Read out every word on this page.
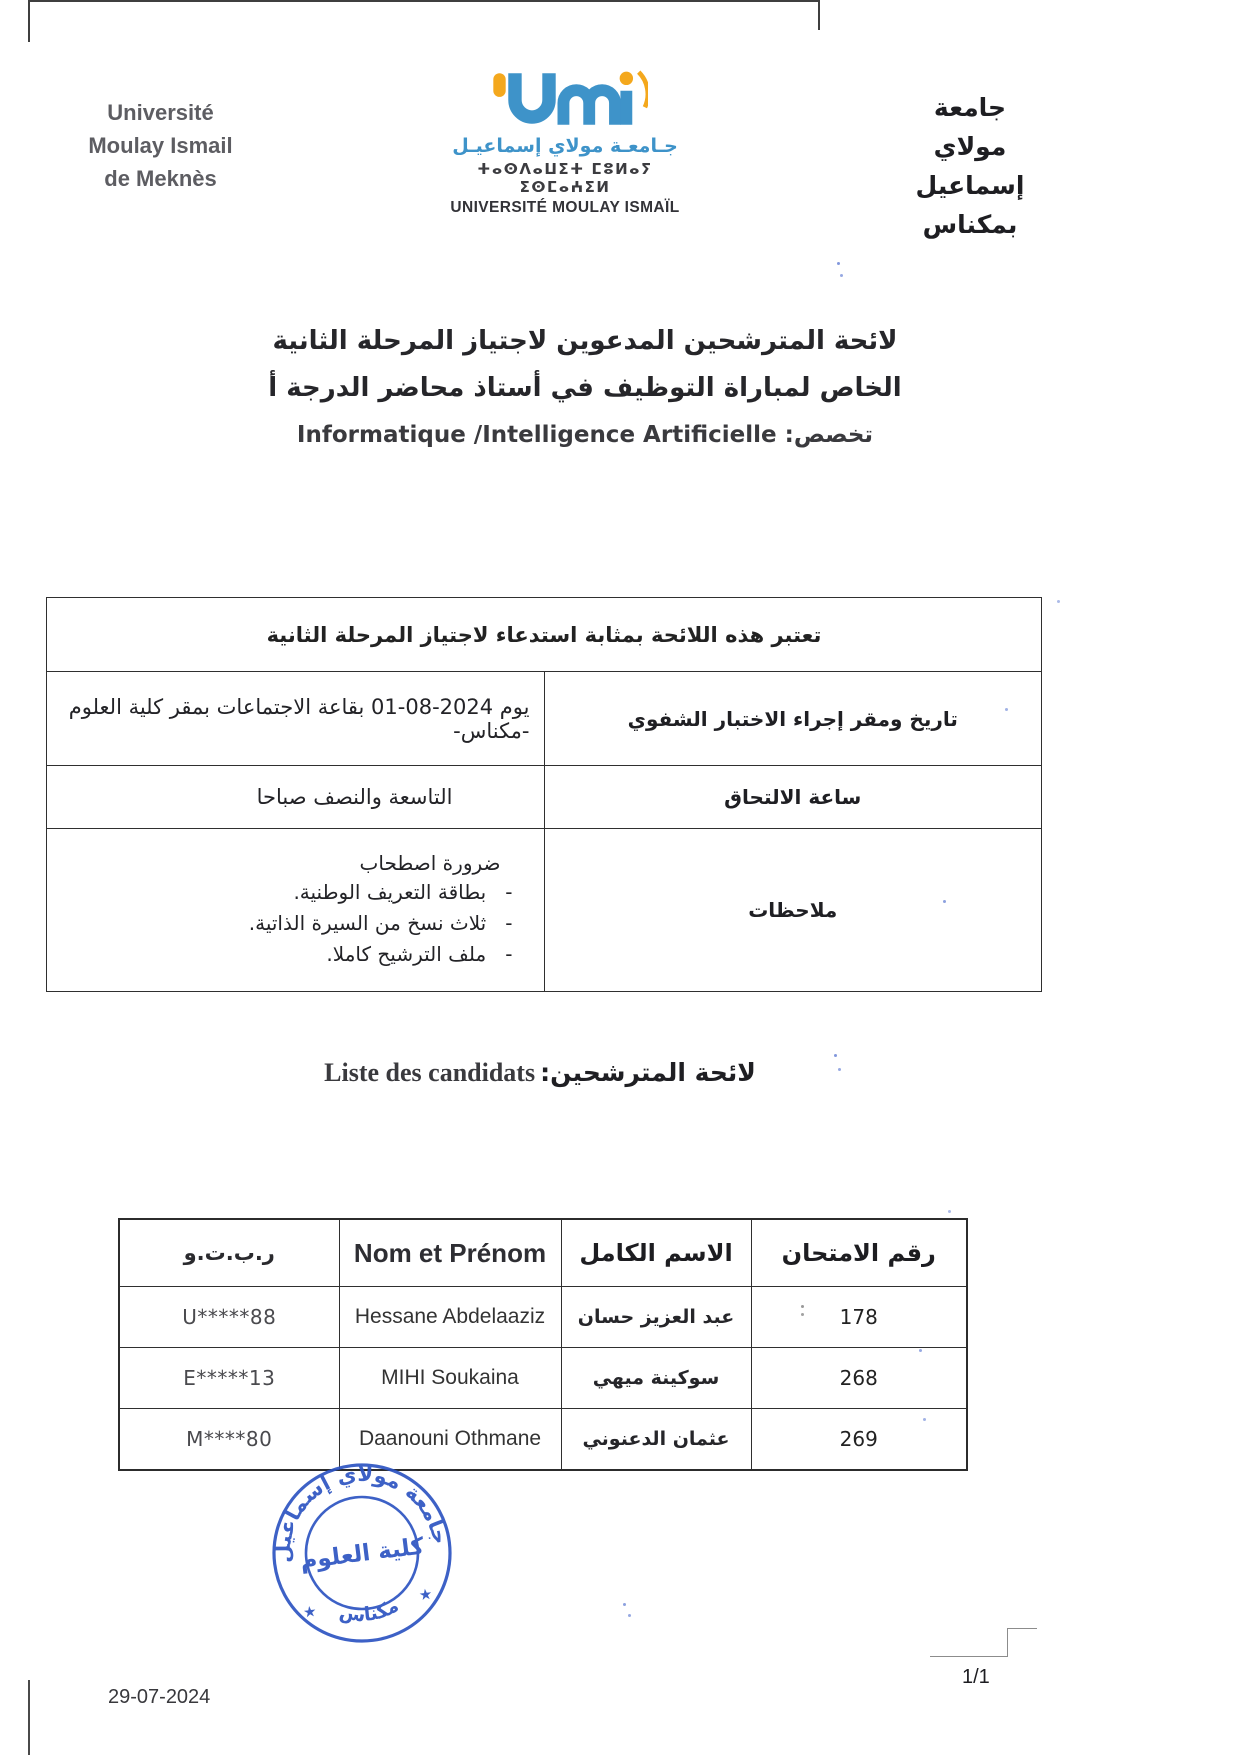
Université
Moulay Ismail
de Meknès
جـامعـة مولاي إسماعيـل
ⵜⴰⵙⴷⴰⵡⵉⵜ ⵎⵓⵍⴰⵢ ⵉⵙⵎⴰⵄⵉⵍ
UNIVERSITÉ MOULAY ISMAÏL
جامعة
مولاي إسماعيل
بمكناس
لائحة المترشحين المدعوين لاجتياز المرحلة الثانية
الخاص لمباراة التوظيف في أستاذ محاضر الدرجة أ
تخصص: Informatique /Intelligence Artificielle
تعتبر هذه اللائحة بمثابة استدعاء لاجتياز المرحلة الثانية	
تاريخ ومقر إجراء الاختبار الشفوي	يوم 2024-08-01 بقاعة الاجتماعات بمقر كلية العلوم -مكناس-
ساعة الالتحاق	التاسعة والنصف صباحا
ملاحظات	ضرورة اصطحاب
-   بطاقة التعريف الوطنية.
-   ثلاث نسخ من السيرة الذاتية.
-   ملف الترشيح كاملا.
لائحة المترشحين: Liste des candidats
رقم الامتحان	الاسم الكامل	Nom et Prénom	ر.ب.ت.و
178	عبد العزيز حسان	Hessane Abdelaaziz	U*****88
268	سوكينة ميهي	MIHI Soukaina	E*****13
269	عثمان الدعنوني	Daanouni Othmane	M****80
جامعة مولاي إسماعيل
مكناس
كلية العلوم
★
★
29-07-2024
1/1
